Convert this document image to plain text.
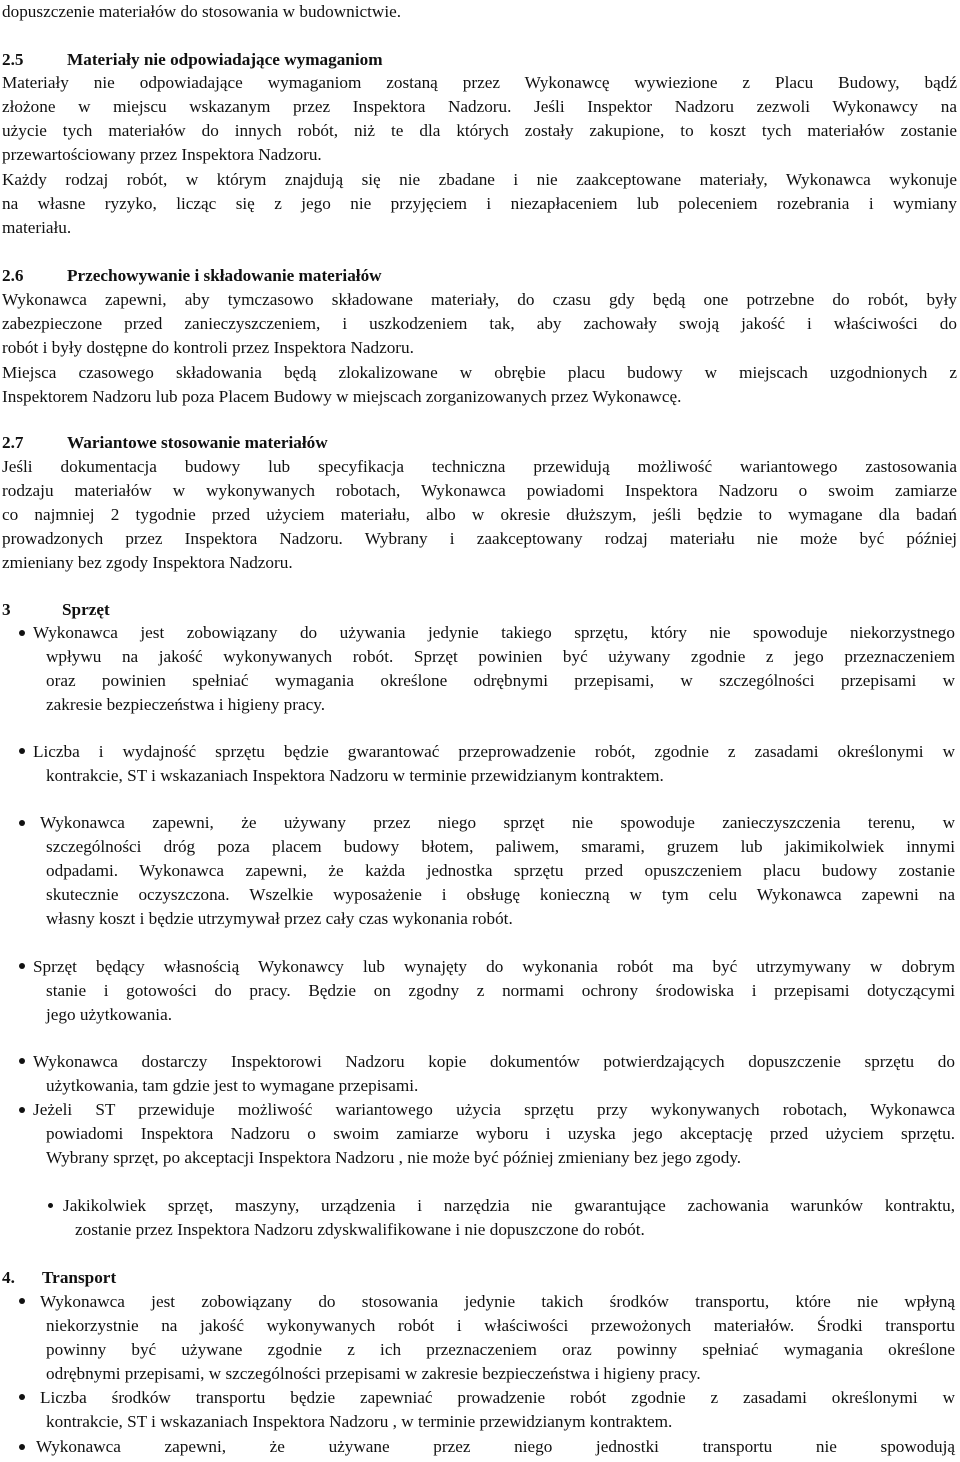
dopuszczenie materiałów do stosowania w budownictwie.

2.5	Materiały nie odpowiadające wymaganiom

Materiały nie odpowiadające wymaganiom zostaną przez Wykonawcę wywiezione z Placu Budowy, bądź

złożone w miejscu wskazanym przez Inspektora Nadzoru. Jeśli Inspektor Nadzoru zezwoli Wykonawcy na

użycie tych materiałów do innych robót, niż te dla których zostały zakupione, to koszt tych materiałów zostanie

przewartościowany przez Inspektora Nadzoru.

Każdy rodzaj robót, w którym znajdują się nie zbadane i nie zaakceptowane materiały, Wykonawca wykonuje

na własne ryzyko, licząc się z jego nie przyjęciem i niezapłaceniem lub poleceniem rozebrania i wymiany

materiału.

2.6	Przechowywanie i składowanie materiałów

Wykonawca zapewni, aby tymczasowo składowane materiały, do czasu gdy będą one potrzebne do robót, były

zabezpieczone przed zanieczyszczeniem, i uszkodzeniem tak, aby zachowały swoją jakość i właściwości do

robót i były dostępne do kontroli przez Inspektora Nadzoru.

Miejsca czasowego składowania będą zlokalizowane w obrębie placu budowy w miejscach uzgodnionych z

Inspektorem Nadzoru lub poza Placem Budowy w miejscach zorganizowanych przez Wykonawcę.

2.7	Wariantowe stosowanie materiałów

Jeśli dokumentacja budowy lub specyfikacja techniczna przewidują możliwość wariantowego zastosowania

rodzaju materiałów w wykonywanych robotach, Wykonawca powiadomi Inspektora Nadzoru o swoim zamiarze

co najmniej 2 tygodnie przed użyciem materiału, albo w okresie dłuższym, jeśli będzie to wymagane dla badań

prowadzonych przez Inspektora Nadzoru. Wybrany i zaakceptowany rodzaj materiału nie może być później

zmieniany bez zgody Inspektora Nadzoru.

3	Sprzęt

Wykonawca jest zobowiązany do używania jedynie takiego sprzętu, który nie spowoduje niekorzystnego

wpływu na jakość wykonywanych robót. Sprzęt powinien być używany zgodnie z jego przeznaczeniem

oraz powinien spełniać wymagania określone odrębnymi przepisami, w szczególności przepisami w

zakresie bezpieczeństwa i higieny pracy.

Liczba i wydajność sprzętu będzie gwarantować przeprowadzenie robót, zgodnie z zasadami określonymi w

kontrakcie, ST i wskazaniach Inspektora Nadzoru w terminie przewidzianym kontraktem.

Wykonawca zapewni, że używany przez niego sprzęt nie spowoduje zanieczyszczenia terenu, w

szczególności dróg poza placem budowy błotem, paliwem, smarami, gruzem lub jakimikolwiek innymi

odpadami. Wykonawca zapewni, że każda jednostka sprzętu przed opuszczeniem placu budowy zostanie

skutecznie oczyszczona. Wszelkie wyposażenie i obsługę konieczną w tym celu Wykonawca zapewni na

własny koszt i będzie utrzymywał przez cały czas wykonania robót.

Sprzęt będący własnością Wykonawcy lub wynajęty do wykonania robót ma być utrzymywany w dobrym

stanie i gotowości do pracy. Będzie on zgodny z normami ochrony środowiska i przepisami dotyczącymi

jego użytkowania.

Wykonawca dostarczy Inspektorowi Nadzoru kopie dokumentów potwierdzających dopuszczenie sprzętu do

użytkowania, tam gdzie jest to wymagane przepisami.

Jeżeli ST przewiduje możliwość wariantowego użycia sprzętu przy wykonywanych robotach, Wykonawca

powiadomi Inspektora Nadzoru o swoim zamiarze wyboru i uzyska jego akceptację przed użyciem sprzętu.

Wybrany sprzęt, po akceptacji Inspektora Nadzoru , nie może być później zmieniany bez jego zgody.

Jakikolwiek sprzęt, maszyny, urządzenia i narzędzia nie gwarantujące zachowania warunków kontraktu,

zostanie przez Inspektora Nadzoru zdyskwalifikowane i nie dopuszczone do robót.

4. Transport

Wykonawca jest zobowiązany do stosowania jedynie takich środków transportu, które nie wpłyną

niekorzystnie na jakość wykonywanych robót i właściwości przewożonych materiałów. Środki transportu

powinny być używane zgodnie z ich przeznaczeniem oraz powinny spełniać wymagania określone

odrębnymi przepisami, w szczególności przepisami w zakresie bezpieczeństwa i higieny pracy.

Liczba środków transportu będzie zapewniać prowadzenie robót zgodnie z zasadami określonymi w

kontrakcie, ST i wskazaniach Inspektora Nadzoru , w terminie przewidzianym kontraktem.

Wykonawca zapewni, że używane przez niego jednostki transportu nie spowodują
